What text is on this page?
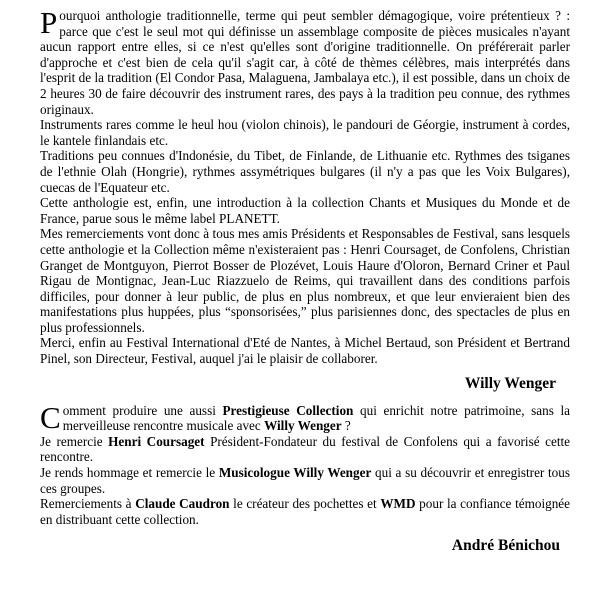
P ourquoi anthologie traditionnelle, terme qui peut sembler démagogique, voire prétentieux ? : parce que c'est le seul mot qui définisse un assemblage composite de pièces musicales n'ayant aucun rapport entre elles, si ce n'est qu'elles sont d'origine traditionnelle. On préférerait parler d'approche et c'est bien de cela qu'il s'agit car, à côté de thèmes célèbres, mais interprétés dans l'esprit de la tradition (El Condor Pasa, Malaguena, Jambalaya etc.), il est possible, dans un choix de 2 heures 30 de faire découvrir des instrument rares, des pays à la tradition peu connue, des rythmes originaux.

Instruments rares comme le heul hou (violon chinois), le pandouri de Géorgie, instrument à cordes, le kantele finlandais etc.

Traditions peu connues d'Indonésie, du Tibet, de Finlande, de Lithuanie etc. Rythmes des tsiganes de l'ethnie Olah (Hongrie), rythmes assymétriques bulgares (il n'y a pas que les Voix Bulgares), cuecas de l'Equateur etc.

Cette anthologie est, enfin, une introduction à la collection Chants et Musiques du Monde et de France, parue sous le même label PLANETT.

Mes remerciements vont donc à tous mes amis Présidents et Responsables de Festival, sans lesquels cette anthologie et la Collection même n'existeraient pas : Henri Coursaget, de Confolens, Christian Granget de Montguyon, Pierrot Bosser de Plozévet, Louis Haure d'Oloron, Bernard Criner et Paul Rigau de Montignac, Jean-Luc Riazzuelo de Reims, qui travaillent dans des conditions parfois difficiles, pour donner à leur public, de plus en plus nombreux, et que leur envieraient bien des manifestations plus huppées, plus “sponsorisées,” plus parisiennes donc, des spectacles de plus en plus professionnels.

Merci, enfin au Festival International d'Eté de Nantes, à Michel Bertaud, son Président et Bertrand Pinel, son Directeur, Festival, auquel j'ai le plaisir de collaborer.

Willy Wenger
C omment produire une aussi Prestigieuse Collection qui enrichit notre patrimoine, sans la merveilleuse rencontre musicale avec Willy Wenger ?

Je remercie Henri Coursaget Président-Fondateur du festival de Confolens qui a favorisé cette rencontre.

Je rends hommage et remercie le Musicologue Willy Wenger qui a su découvrir et enregistrer tous ces groupes.

Remerciements à Claude Caudron le créateur des pochettes et WMD pour la confiance témoignée en distribuant cette collection.

André Bénichou
